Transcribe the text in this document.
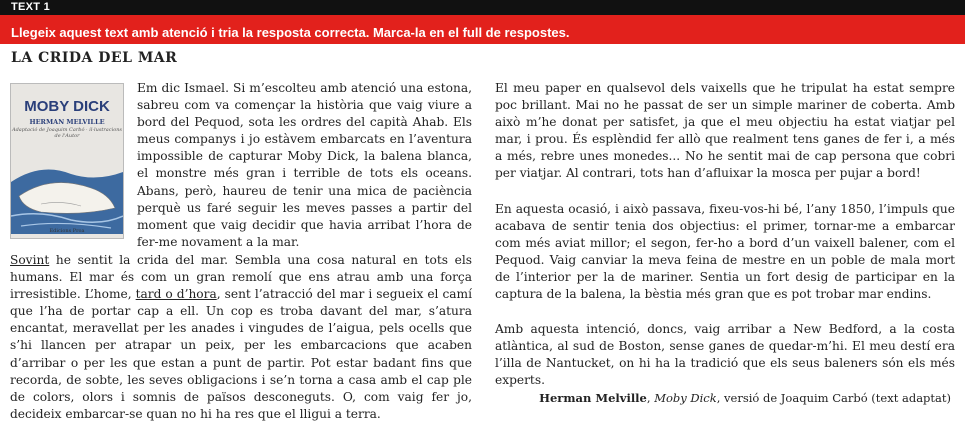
TEXT 1
Llegeix aquest text amb atenció i tria la resposta correcta. Marca-la en el full de respostes.
LA CRIDA DEL MAR
MOBY DICK
HERMAN MELVILLE
Adaptació de Joaquim Carbó · il·lustracions de l'Autor
Edicions Proa

Em dic Ismael. Si m’escolteu amb atenció una estona, sabreu com va començar la història que vaig viure a bord del Pequod, sota les ordres del capità Ahab. Els meus companys i jo estàvem embarcats en l’aventura impossible de capturar Moby Dick, la balena blanca, el monstre més gran i terrible de tots els oceans. Abans, però, haureu de tenir una mica de paciència perquè us faré seguir les meves passes a partir del moment que vaig decidir que havia arribat l’hora de fer-me novament a la mar.

Sovint he sentit la crida del mar. Sembla una cosa natural en tots els humans. El mar és com un gran remolí que ens atrau amb una força irresistible. L’home, tard o d’hora, sent l’atracció del mar i segueix el camí que l’ha de portar cap a ell. Un cop es troba davant del mar, s’atura encantat, meravellat per les anades i vingudes de l’aigua, pels ocells que s’hi llancen per atrapar un peix, per les embarcacions que acaben d’arribar o per les que estan a punt de partir. Pot estar badant fins que recorda, de sobte, les seves obligacions i se’n torna a casa amb el cap ple de colors, olors i somnis de països desconeguts. O, com vaig fer jo, decideix embarcar-se quan no hi ha res que el lligui a terra.

El meu paper en qualsevol dels vaixells que he tripulat ha estat sempre poc brillant. Mai no he passat de ser un simple mariner de coberta. Amb això m’he donat per satisfet, ja que el meu objectiu ha estat viatjar pel mar, i prou. És esplèndid fer allò que realment tens ganes de fer i, a més a més, rebre unes monedes... No he sentit mai de cap persona que cobri per viatjar. Al contrari, tots han d’afluixar la mosca per pujar a bord!

En aquesta ocasió, i això passava, fixeu-vos-hi bé, l’any 1850, l’impuls que acabava de sentir tenia dos objectius: el primer, tornar-me a embarcar com més aviat millor; el segon, fer-ho a bord d’un vaixell balener, com el Pequod. Vaig canviar la meva feina de mestre en un poble de mala mort de l’interior per la de mariner. Sentia un fort desig de participar en la captura de la balena, la bèstia més gran que es pot trobar mar endins.

Amb aquesta intenció, doncs, vaig arribar a New Bedford, a la costa atlàntica, al sud de Boston, sense ganes de quedar-m’hi. El meu destí era l’illa de Nantucket, on hi ha la tradició que els seus baleners són els més experts.

Herman Melville, Moby Dick, versió de Joaquim Carbó (text adaptat)
